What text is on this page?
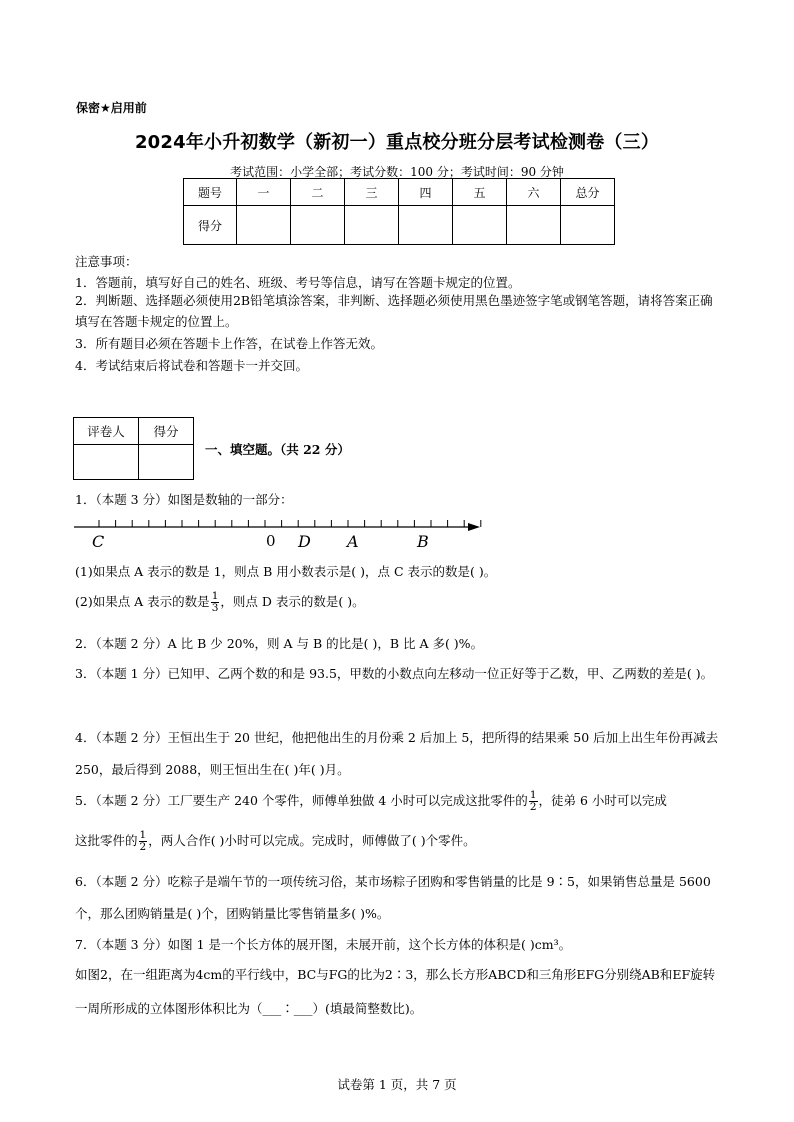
保密★启用前
2024年小升初数学（新初一）重点校分班分层考试检测卷（三）
考试范围：小学全部；考试分数：100 分；考试时间：90 分钟
题号	一	二	三	四	五	六	总分
得分							
注意事项：
1．答题前，填写好自己的姓名、班级、考号等信息，请写在答题卡规定的位置。
2．判断题、选择题必须使用2B铅笔填涂答案，非判断、选择题必须使用黑色墨迹签字笔或钢笔答题，请将答案正确填写在答题卡规定的位置上。
3．所有题目必须在答题卡上作答，在试卷上作答无效。
4．考试结束后将试卷和答题卡一并交回。
评卷人	得分

一、填空题。（共 22 分）
1．（本题 3 分）如图是数轴的一部分：
C	0 D A	B
(1)如果点 A 表示的数是 1，则点 B 用小数表示是( )，点 C 表示的数是( )。
(2)如果点 A 表示的数是 $\frac{1}{3}$ ，则点 D 表示的数是( )。
2．（本题 2 分）A 比 B 少 20%，则 A 与 B 的比是( )，B 比 A 多( )%。
3．（本题 1 分）已知甲、乙两个数的和是 93.5，甲数的小数点向左移动一位正好等于乙数，甲、乙两数的差是( )。
4．（本题 2 分）王恒出生于 20 世纪，他把他出生的月份乘 2 后加上 5，把所得的结果乘 50 后加上出生年份再减去 250，最后得到 2088，则王恒出生在( )年( )月。
5．（本题 2 分）工厂要生产 240 个零件，师傅单独做 4 小时可以完成这批零件的 $\frac{1}{2}$ ，徒弟 6 小时可以完成
这批零件的 $\frac{1}{2}$ ，两人合作( )小时可以完成。完成时，师傅做了( )个零件。
6．（本题 2 分）吃粽子是端午节的一项传统习俗，某市场粽子团购和零售销量的比是 9∶5，如果销售总量是 5600 个，那么团购销量是( )个，团购销量比零售销量多( )%。
7．（本题 3 分）如图 1 是一个长方体的展开图，未展开前，这个长方体的体积是( )cm³。
如图2，在一组距离为4cm的平行线中，BC与FG的比为2∶3，那么长方形ABCD和三角形EFG分别绕AB和EF旋转一周所形成的立体图形体积比为（___∶___）(填最简整数比)。
试卷第 1 页，共 7 页
